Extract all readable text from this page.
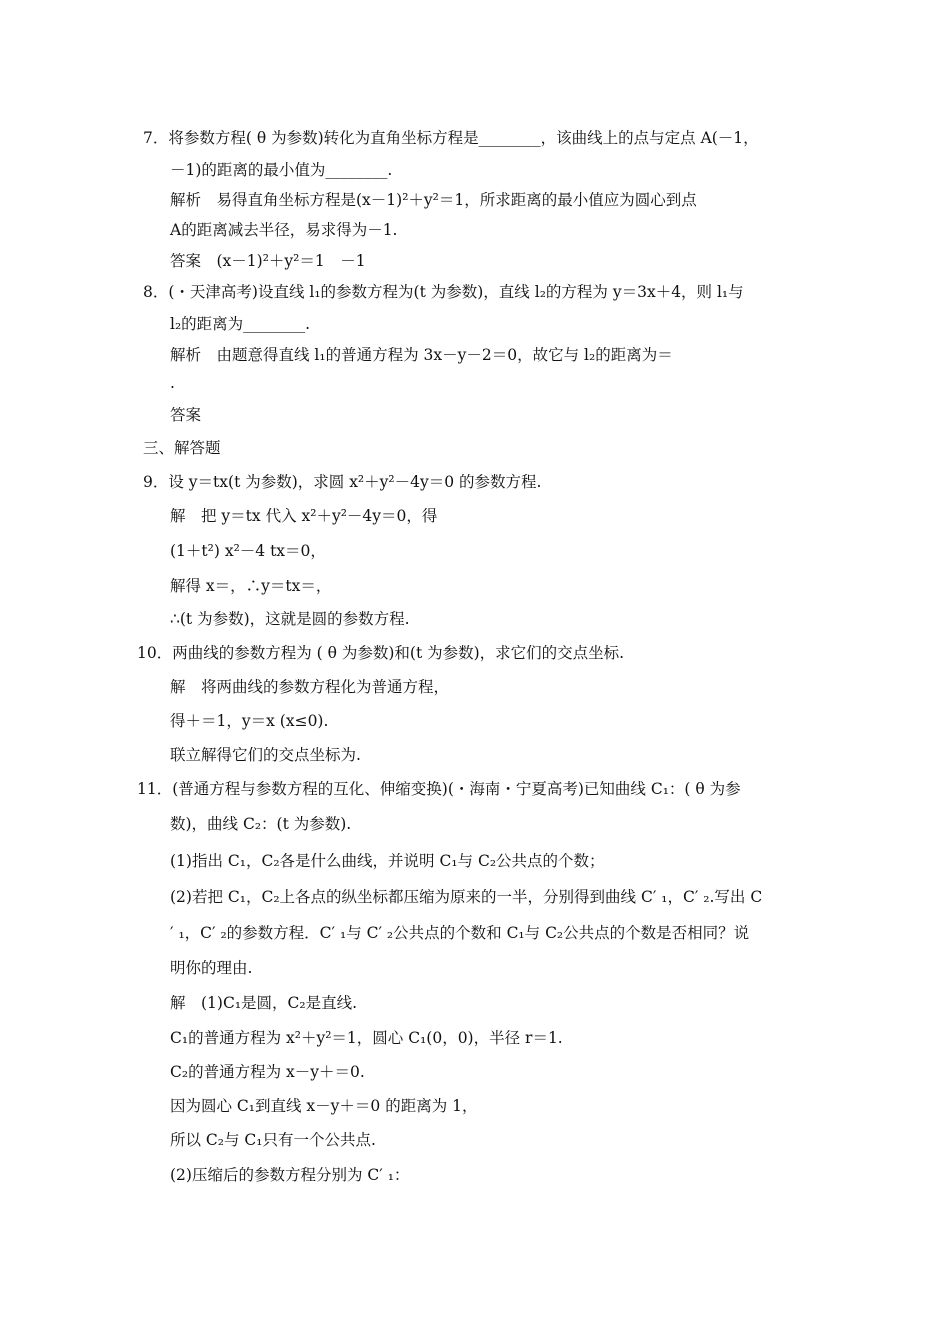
7．将参数方程( θ 为参数)转化为直角坐标方程是________，该曲线上的点与定点 A(－1，
－1)的距离的最小值为________.
解析　易得直角坐标方程是(x－1)²＋y²＝1，所求距离的最小值应为圆心到点
A的距离减去半径，易求得为－1.
答案　(x－1)²＋y²＝1　－1
8．(・天津高考)设直线 l₁的参数方程为(t 为参数)，直线 l₂的方程为 y＝3x＋4，则 l₁与
l₂的距离为________.
解析　由题意得直线 l₁的普通方程为 3x－y－2＝0，故它与 l₂的距离为＝
.
答案
三、解答题
9．设 y＝tx(t 为参数)，求圆 x²＋y²－4y＝0 的参数方程.
解　把 y＝tx 代入 x²＋y²－4y＝0，得
(1＋t²) x²－4 tx＝0，
解得 x＝，∴y＝tx＝，
∴(t 为参数)，这就是圆的参数方程.
10．两曲线的参数方程为 ( θ 为参数)和(t 为参数)，求它们的交点坐标.
解　将两曲线的参数方程化为普通方程，
得＋＝1，y＝x (x≤0).
联立解得它们的交点坐标为.
11．(普通方程与参数方程的互化、伸缩变换)(・海南・宁夏高考)已知曲线 C₁：( θ 为参
数)，曲线 C₂：(t 为参数).
(1)指出 C₁，C₂各是什么曲线，并说明 C₁与 C₂公共点的个数；
(2)若把 C₁，C₂上各点的纵坐标都压缩为原来的一半，分别得到曲线 C′ ₁，C′ ₂.写出 C
′ ₁，C′ ₂的参数方程．C′ ₁与 C′ ₂公共点的个数和 C₁与 C₂公共点的个数是否相同？说
明你的理由.
解　(1)C₁是圆，C₂是直线.
C₁的普通方程为 x²＋y²＝1，圆心 C₁(0，0)，半径 r＝1.
C₂的普通方程为 x－y＋＝0.
因为圆心 C₁到直线 x－y＋＝0 的距离为 1，
所以 C₂与 C₁只有一个公共点.
(2)压缩后的参数方程分别为 C′ ₁：
